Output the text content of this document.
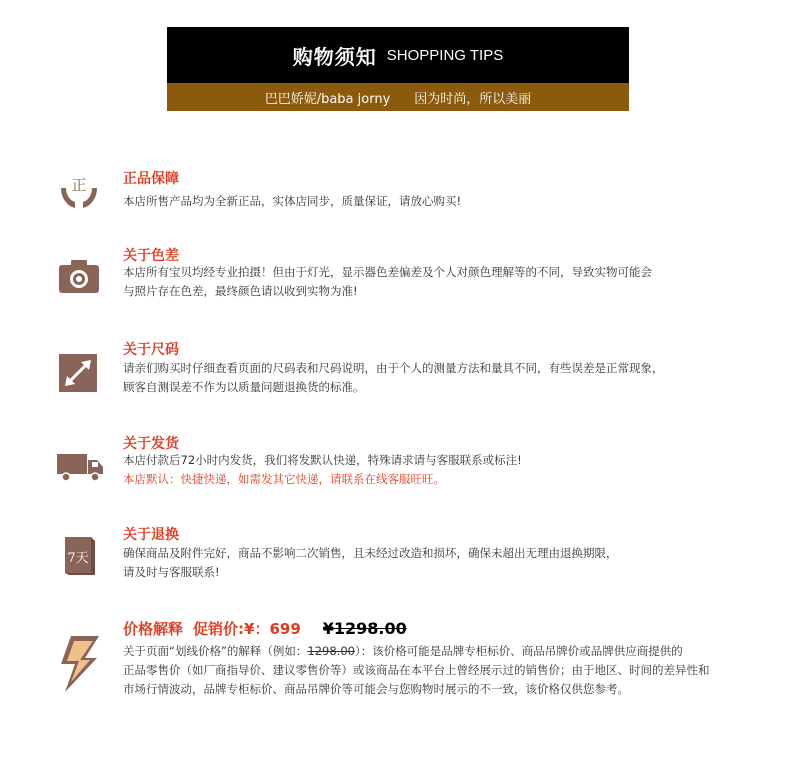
购物须知 SHOPPING TIPS
巴巴娇妮/baba jorny 因为时尚，所以美丽
正	正品保障
本店所售产品均为全新正品，实体店同步，质量保证，请放心购买!
关于色差
本店所有宝贝均经专业拍摄！但由于灯光，显示器色差偏差及个人对颜色理解等的不同，导致实物可能会
与照片存在色差，最终颜色请以收到实物为准!
关于尺码
请亲们购买时仔细查看页面的尺码表和尺码说明，由于个人的测量方法和量具不同，有些误差是正常现象，
顾客自测误差不作为以质量问题退换货的标准。
关于发货
本店付款后72小时内发货，我们将发默认快递，特殊请求请与客服联系或标注!
本店默认：快捷快递，如需发其它快递，请联系在线客服旺旺。
7天
关于退换
确保商品及附件完好，商品不影响二次销售，且未经过改造和损坏，确保未超出无理由退换期限，
请及时与客服联系!
价格解释 促销价: ¥：699 ¥1298.00
关于页面“划线价格”的解释（例如：1298.00）：该价格可能是品牌专柜标价、商品吊牌价或品牌供应商提供的
正品零售价（如厂商指导价、建议零售价等）或该商品在本平台上曾经展示过的销售价；由于地区、时间的差异性和
市场行情波动，品牌专柜标价、商品吊牌价等可能会与您购物时展示的不一致，该价格仅供您参考。
